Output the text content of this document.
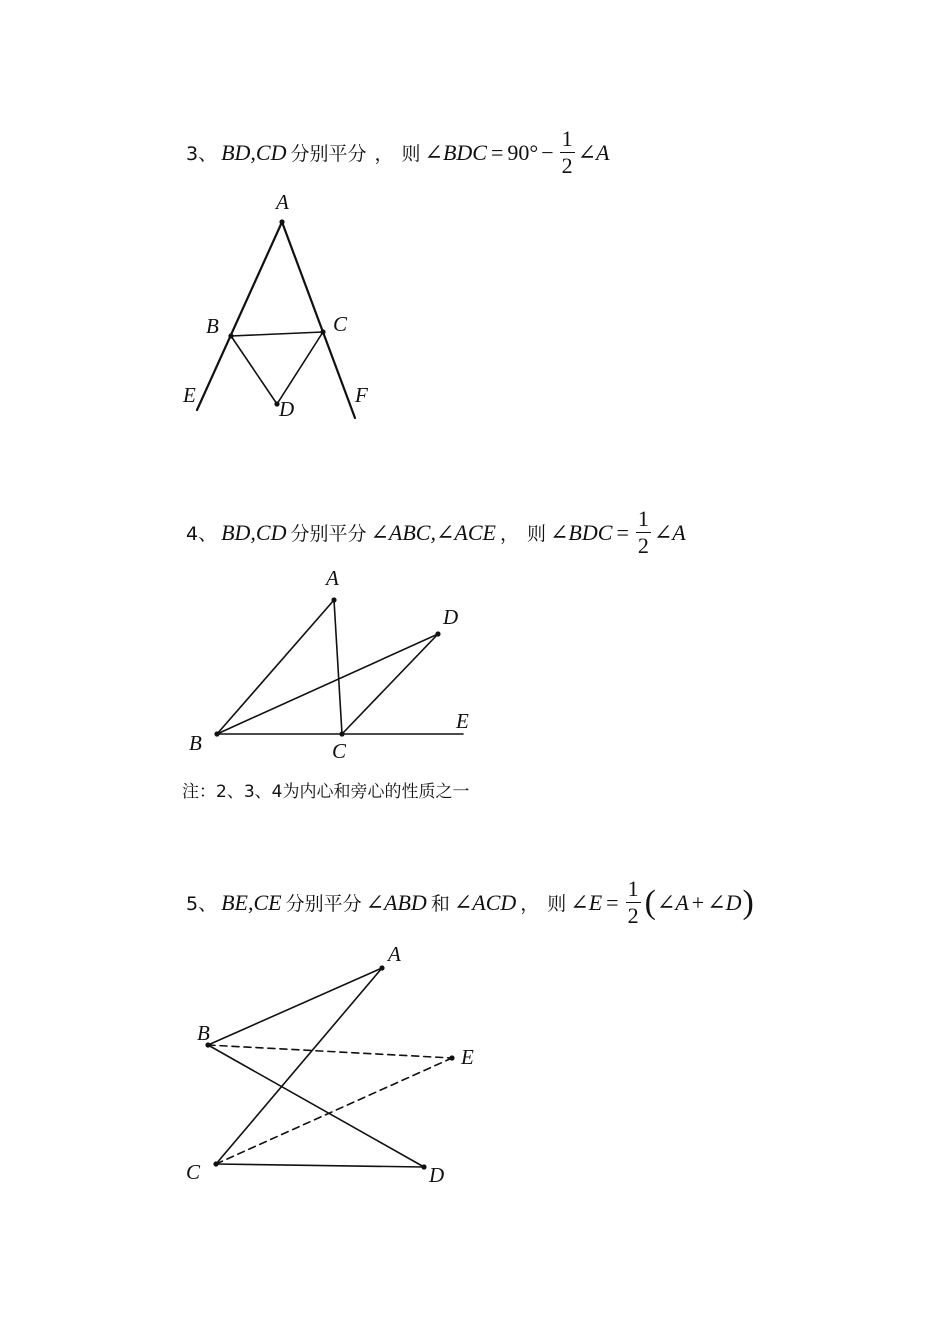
3、 BD,CD 分别平分 ， 则 ∠BDC = $90^\circ - \frac{1}{2}$ ∠A
4、 BD,CD 分别平分 ∠ABC,∠ACE ， 则 ∠BDC = $\frac{1}{2}$ ∠A
注：2、3、4为内心和旁心的性质之一
5、 BE,CE 分别平分 ∠ABD 和 ∠ACD ， 则 ∠E = $\frac{1}{2}$ ( ∠A + ∠D )
A
B	C
D
E	F
A
B	C
D
E
A
B
C	D
E
